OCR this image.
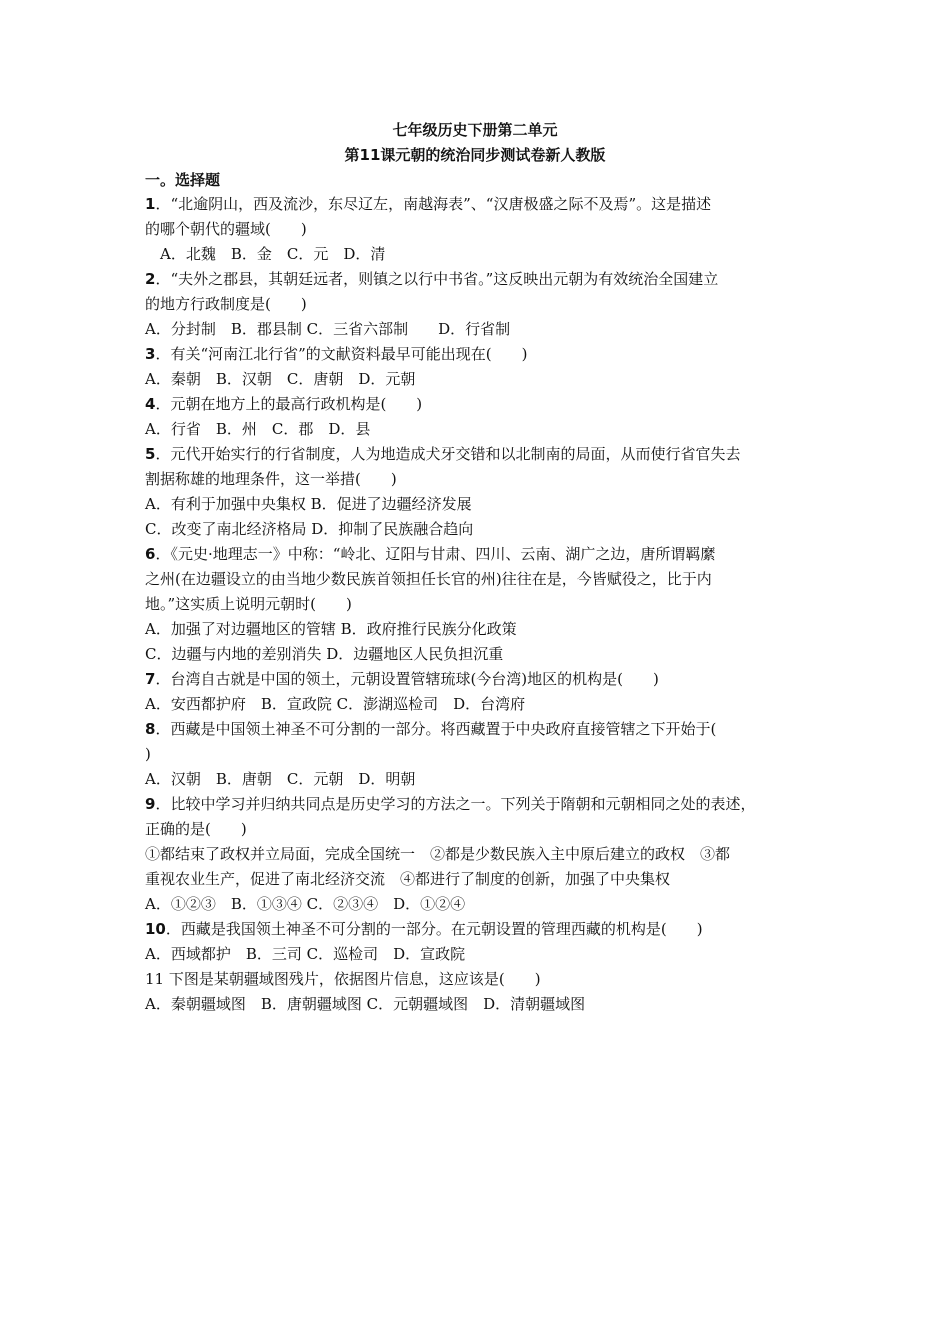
七年级历史下册第二单元
第11课元朝的统治同步测试卷新人教版
一。选择题
1．“北逾阴山，西及流沙，东尽辽左，南越海表”、“汉唐极盛之际不及焉”。这是描述
的哪个朝代的疆域(　　)
A．北魏　B．金　C．元　D．清
2．“夫外之郡县，其朝廷远者，则镇之以行中书省。”这反映出元朝为有效统治全国建立
的地方行政制度是(　　)
A．分封制　B．郡县制 C．三省六部制　　D．行省制
3．有关“河南江北行省”的文献资料最早可能出现在(　　)
A．秦朝　B．汉朝　C．唐朝　D．元朝
4．元朝在地方上的最高行政机构是(　　)
A．行省　B．州　C．郡　D．县
5．元代开始实行的行省制度，人为地造成犬牙交错和以北制南的局面，从而使行省官失去
割据称雄的地理条件，这一举措(　　)
A．有利于加强中央集权 B．促进了边疆经济发展
C．改变了南北经济格局 D．抑制了民族融合趋向
6．《元史·地理志一》中称：“岭北、辽阳与甘肃、四川、云南、湖广之边，唐所谓羁縻
之州(在边疆设立的由当地少数民族首领担任长官的州)往往在是，今皆赋役之，比于内
地。”这实质上说明元朝时(　　)
A．加强了对边疆地区的管辖 B．政府推行民族分化政策
C．边疆与内地的差别消失 D．边疆地区人民负担沉重
7．台湾自古就是中国的领土，元朝设置管辖琉球(今台湾)地区的机构是(　　)
A．安西都护府　B．宣政院 C．澎湖巡检司　D．台湾府
8．西藏是中国领土神圣不可分割的一部分。将西藏置于中央政府直接管辖之下开始于(
)
A．汉朝　B．唐朝　C．元朝　D．明朝
9．比较中学习并归纳共同点是历史学习的方法之一。下列关于隋朝和元朝相同之处的表述，
正确的是(　　)
①都结束了政权并立局面，完成全国统一　②都是少数民族入主中原后建立的政权　③都
重视农业生产，促进了南北经济交流　④都进行了制度的创新，加强了中央集权
A．①②③　B．①③④ C．②③④　D．①②④
10．西藏是我国领土神圣不可分割的一部分。在元朝设置的管理西藏的机构是(　　)
A．西域都护　B．三司 C．巡检司　D．宣政院
11 下图是某朝疆域图残片，依据图片信息，这应该是(　　)
A．秦朝疆域图　B．唐朝疆域图 C．元朝疆域图　D．清朝疆域图
